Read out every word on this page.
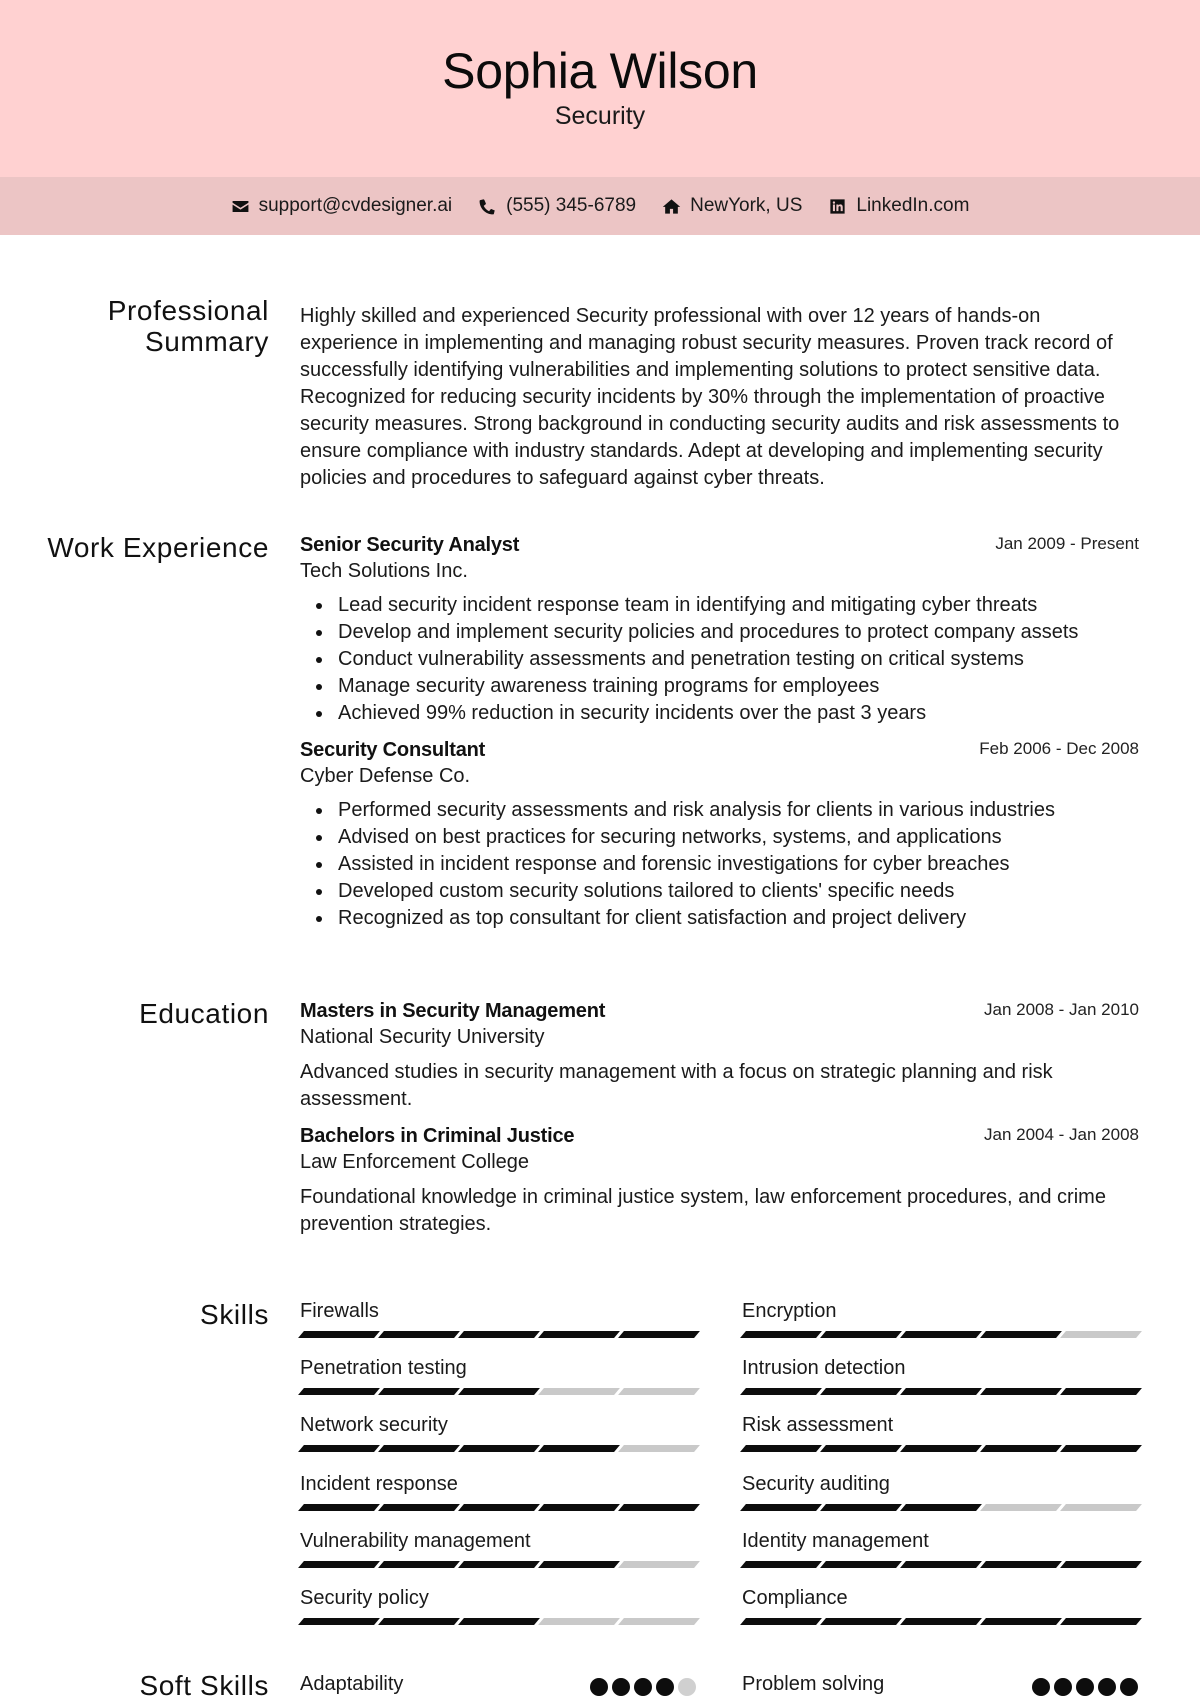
Sophia Wilson
Security
support@cvdesigner.ai	(555) 345-6789	NewYork, US	LinkedIn.com
Professional Summary
Highly skilled and experienced Security professional with over 12 years of hands-on experience in implementing and managing robust security measures. Proven track record of successfully identifying vulnerabilities and implementing solutions to protect sensitive data. Recognized for reducing security incidents by 30% through the implementation of proactive security measures. Strong background in conducting security audits and risk assessments to ensure compliance with industry standards. Adept at developing and implementing security policies and procedures to safeguard against cyber threats.
Work Experience Senior Security Analyst	Jan 2009 - Present
Tech Solutions Inc.
Lead security incident response team in identifying and mitigating cyber threats
Develop and implement security policies and procedures to protect company assets
Conduct vulnerability assessments and penetration testing on critical systems
Manage security awareness training programs for employees
Achieved 99% reduction in security incidents over the past 3 years
Security Consultant	Feb 2006 - Dec 2008
Cyber Defense Co.
Performed security assessments and risk analysis for clients in various industries
Advised on best practices for securing networks, systems, and applications
Assisted in incident response and forensic investigations for cyber breaches
Developed custom security solutions tailored to clients' specific needs
Recognized as top consultant for client satisfaction and project delivery
Education Masters in Security Management	Jan 2008 - Jan 2010
National Security University
Advanced studies in security management with a focus on strategic planning and risk assessment.
Bachelors in Criminal Justice	Jan 2004 - Jan 2008
Law Enforcement College
Foundational knowledge in criminal justice system, law enforcement procedures, and crime prevention strategies.
Skills Firewalls	Encryption
Penetration testing	Intrusion detection
Network security	Risk assessment
Incident response	Security auditing
Vulnerability management	Identity management
Security policy	Compliance
Soft Skills Adaptability	Problem solving
